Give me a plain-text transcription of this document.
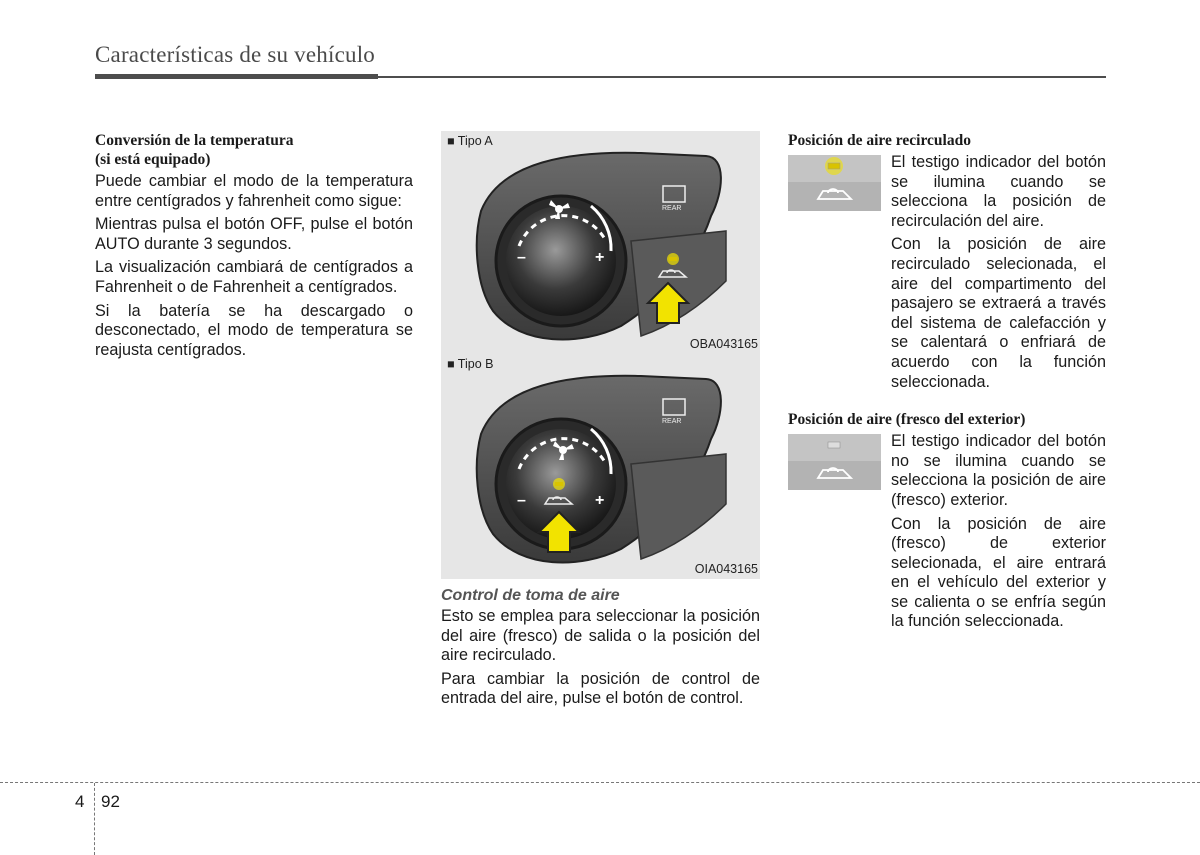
Características de su vehículo

Conversión de la temperatura

(si está equipado)

Puede cambiar el modo de la temperatura entre centígrados y fahrenheit como sigue:

Mientras pulsa el botón OFF, pulse el botón AUTO durante 3 segundos.

La visualización cambiará de centígrados a Fahrenheit o de Fahrenheit a centígrados.

Si la batería se ha descargado o desconectado, el modo de temperatura se reajusta centígrados.

–	+
REAR
■ Tipo A
OBA043165
–	+
REAR
■ Tipo B
OIA043165

Control de toma de aire

Esto se emplea para seleccionar la posición del aire (fresco) de salida o la posición del aire recirculado.

Para cambiar la posición de control de entrada del aire, pulse el botón de control.

Posición de aire recirculado

El testigo indicador del botón se ilumina cuando se selecciona la posición de recirculación del aire.

Con la posición de aire recirculado selecionada, el aire del compartimento del pasajero se extraerá a través del sistema de calefacción y se calentará o enfriará de acuerdo con la función seleccionada.

Posición de aire (fresco del exterior)

El testigo indicador del botón no se ilumina cuando se selecciona la posición de aire (fresco) exterior.

Con la posición de aire (fresco) de exterior selecionada, el aire entrará en el vehículo del exterior y se calienta o se enfría según la función seleccionada.

4 92
